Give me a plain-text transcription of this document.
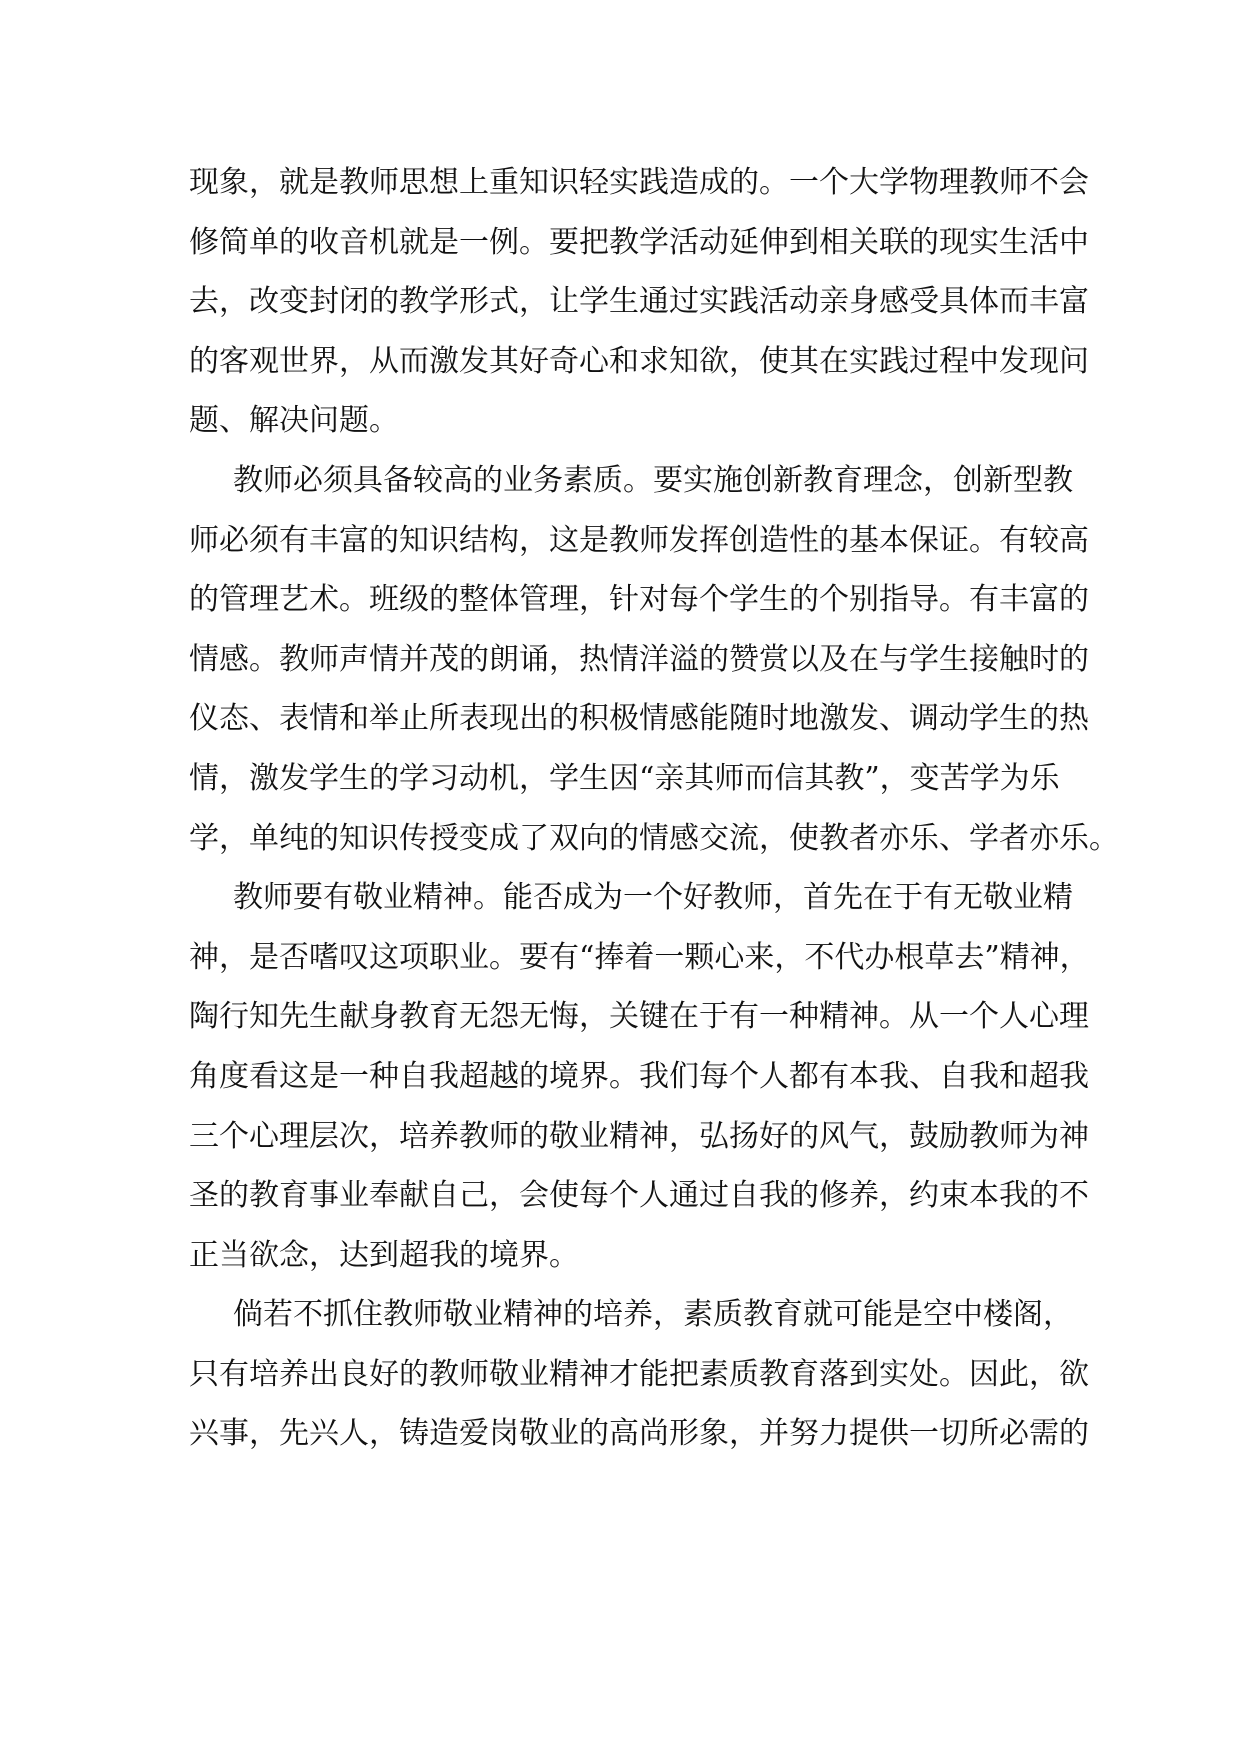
现象，就是教师思想上重知识轻实践造成的。一个大学物理教师不会
修简单的收音机就是一例。要把教学活动延伸到相关联的现实生活中
去，改变封闭的教学形式，让学生通过实践活动亲身感受具体而丰富
的客观世界，从而激发其好奇心和求知欲，使其在实践过程中发现问
题、解决问题。
教师必须具备较高的业务素质。要实施创新教育理念，创新型教
师必须有丰富的知识结构，这是教师发挥创造性的基本保证。有较高
的管理艺术。班级的整体管理，针对每个学生的个别指导。有丰富的
情感。教师声情并茂的朗诵，热情洋溢的赞赏以及在与学生接触时的
仪态、表情和举止所表现出的积极情感能随时地激发、调动学生的热
情，激发学生的学习动机，学生因“亲其师而信其教”，变苦学为乐
学，单纯的知识传授变成了双向的情感交流，使教者亦乐、学者亦乐。
教师要有敬业精神。能否成为一个好教师，首先在于有无敬业精
神，是否嗜叹这项职业。要有“捧着一颗心来，不代办根草去”精神，
陶行知先生献身教育无怨无悔，关键在于有一种精神。从一个人心理
角度看这是一种自我超越的境界。我们每个人都有本我、自我和超我
三个心理层次，培养教师的敬业精神，弘扬好的风气，鼓励教师为神
圣的教育事业奉献自己，会使每个人通过自我的修养，约束本我的不
正当欲念，达到超我的境界。
倘若不抓住教师敬业精神的培养，素质教育就可能是空中楼阁，
只有培养出良好的教师敬业精神才能把素质教育落到实处。因此，欲
兴事，先兴人，铸造爱岗敬业的高尚形象，并努力提供一切所必需的
